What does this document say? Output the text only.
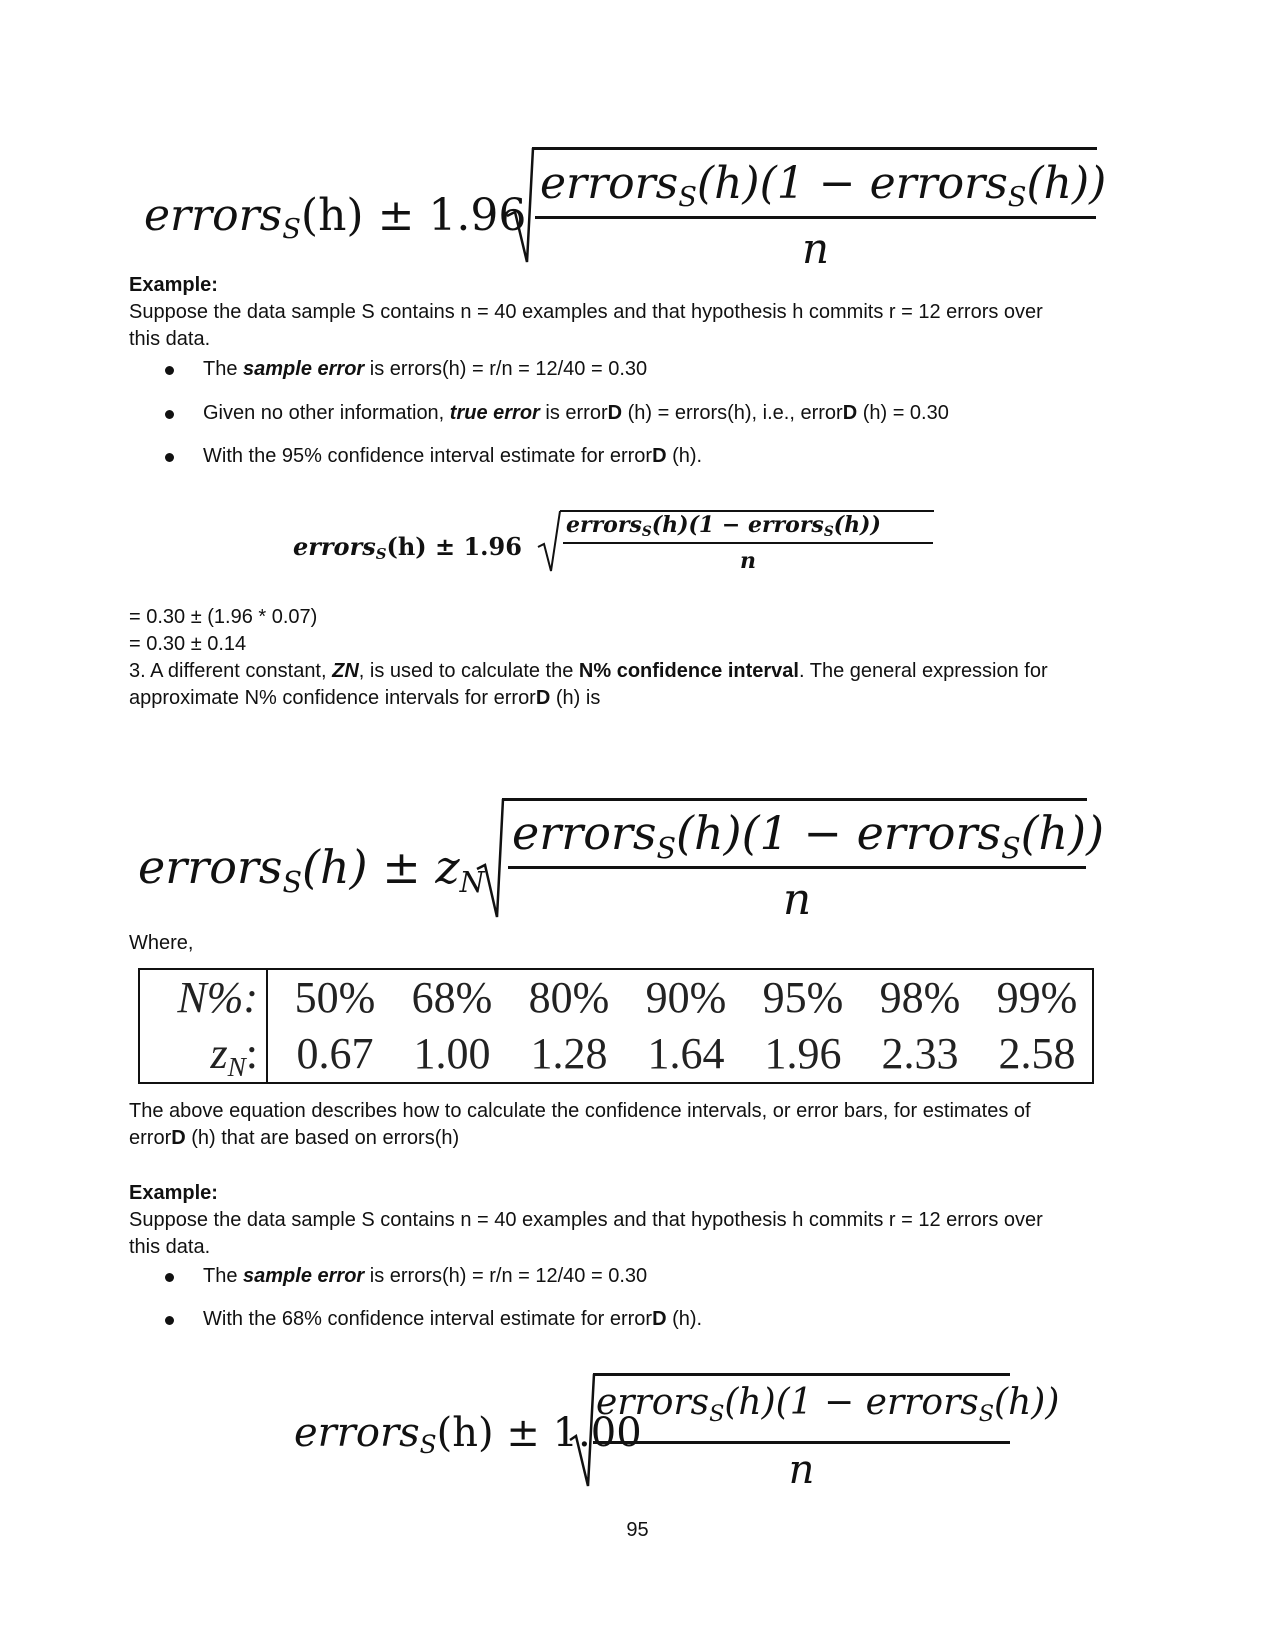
errorsS(h) ± 1.96
errorsS(h)(1 − errorsS(h))
n
Example:
Suppose the data sample S contains n = 40 examples and that hypothesis h commits r = 12 errors over
this data.
The sample error is errors(h) = r/n = 12/40 = 0.30
Given no other information, true error is errorD (h) = errors(h), i.e., errorD (h) = 0.30
With the 95% confidence interval estimate for errorD (h).
errorsS(h) ± 1.96
errorsS(h)(1 − errorsS(h))
n
= 0.30 ± (1.96 * 0.07)
= 0.30 ± 0.14
3. A different constant, ZN, is used to calculate the N% confidence interval. The general expression for
approximate N% confidence intervals for errorD (h) is
errorsS(h) ± zN
errorsS(h)(1 − errorsS(h))
n
Where,
N%:
zN:
50% 68% 80% 90% 95% 98% 99%
0.67 1.00 1.28 1.64 1.96 2.33 2.58
The above equation describes how to calculate the confidence intervals, or error bars, for estimates of
errorD (h) that are based on errors(h)
Example:
Suppose the data sample S contains n = 40 examples and that hypothesis h commits r = 12 errors over
this data.
The sample error is errors(h) = r/n = 12/40 = 0.30
With the 68% confidence interval estimate for errorD (h).
errorsS(h) ± 1.00
errorsS(h)(1 − errorsS(h))
n
95
